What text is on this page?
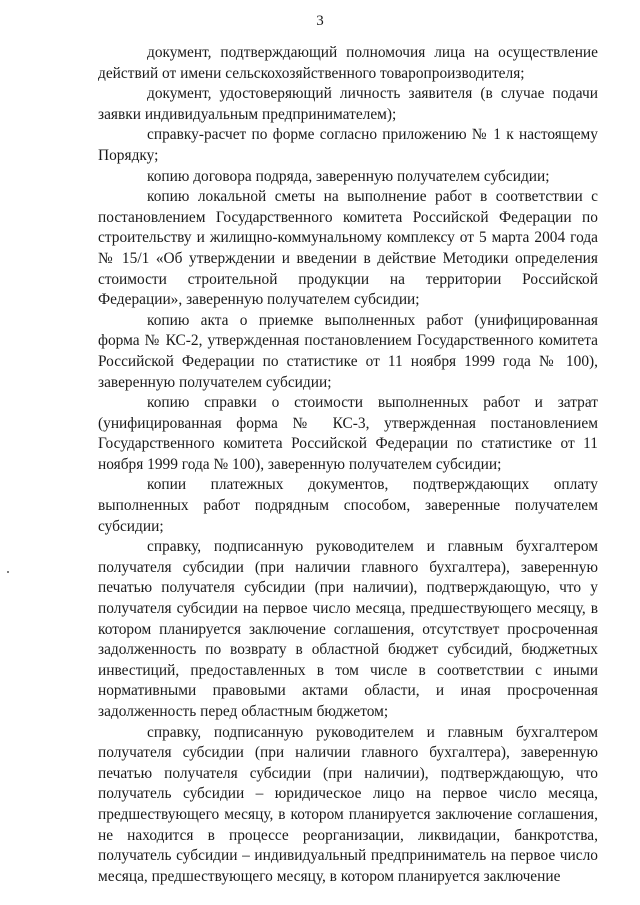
3

документ, подтверждающий полномочия лица на осуществление действий от имени сельскохозяйственного товаропроизводителя;

документ, удостоверяющий личность заявителя (в случае подачи заявки индивидуальным предпринимателем);

справку-расчет по форме согласно приложению № 1 к настоящему Порядку;

копию договора подряда, заверенную получателем субсидии;

копию локальной сметы на выполнение работ в соответствии с постановлением Государственного комитета Российской Федерации по строительству и жилищно-коммунальному комплексу от 5 марта 2004 года № 15/1 «Об утверждении и введении в действие Методики определения стоимости строительной продукции на территории Российской Федерации», заверенную получателем субсидии;

копию акта о приемке выполненных работ (унифицированная форма № КС-2, утвержденная постановлением Государственного комитета Российской Федерации по статистике от 11 ноября 1999 года № 100), заверенную получателем субсидии;

копию справки о стоимости выполненных работ и затрат (унифицированная форма № КС-3, утвержденная постановлением Государственного комитета Российской Федерации по статистике от 11 ноября 1999 года № 100), заверенную получателем субсидии;

копии платежных документов, подтверждающих оплату выполненных работ подрядным способом, заверенные получателем субсидии;

справку, подписанную руководителем и главным бухгалтером получателя субсидии (при наличии главного бухгалтера), заверенную печатью получателя субсидии (при наличии), подтверждающую, что у получателя субсидии на первое число месяца, предшествующего месяцу, в котором планируется заключение соглашения, отсутствует просроченная задолженность по возврату в областной бюджет субсидий, бюджетных инвестиций, предоставленных в том числе в соответствии с иными нормативными правовыми актами области, и иная просроченная задолженность перед областным бюджетом;

справку, подписанную руководителем и главным бухгалтером получателя субсидии (при наличии главного бухгалтера), заверенную печатью получателя субсидии (при наличии), подтверждающую, что получатель субсидии – юридическое лицо на первое число месяца, предшествующего месяцу, в котором планируется заключение соглашения, не находится в процессе реорганизации, ликвидации, банкротства, получатель субсидии – индивидуальный предприниматель на первое число месяца, предшествующего месяцу, в котором планируется заключение
